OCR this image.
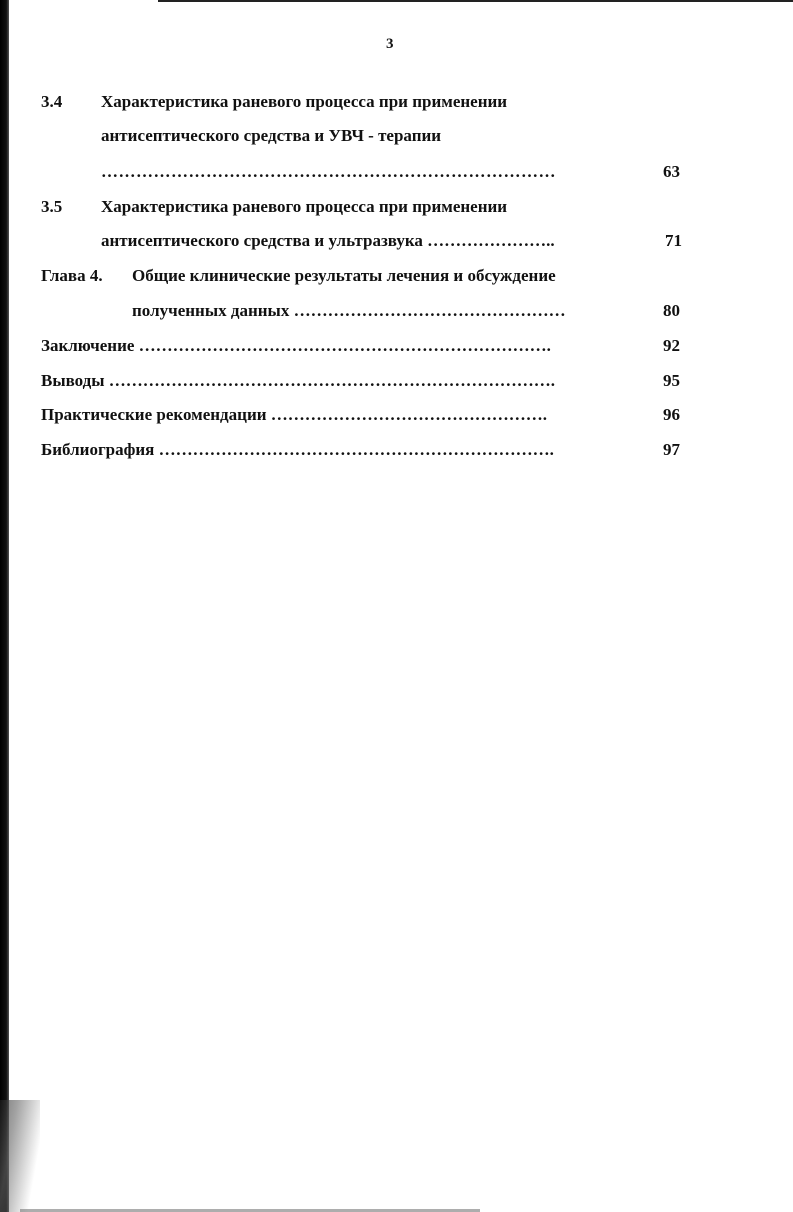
3
3.4 Характеристика раневого процесса при применении
антисептического средства и УВЧ - терапии
……………………………………………………………………	63
3.5 Характеристика раневого процесса при применении
антисептического средства и ультразвука …………………..	71
Глава 4. Общие клинические результаты лечения и обсуждение
полученных данных …………………………………………	80
Заключение ……………………………………………………………….	92
Выводы …………………………………………………………………….	95
Практические рекомендации ………………………………………….	96
Библиография …………………………………………………………….	97
